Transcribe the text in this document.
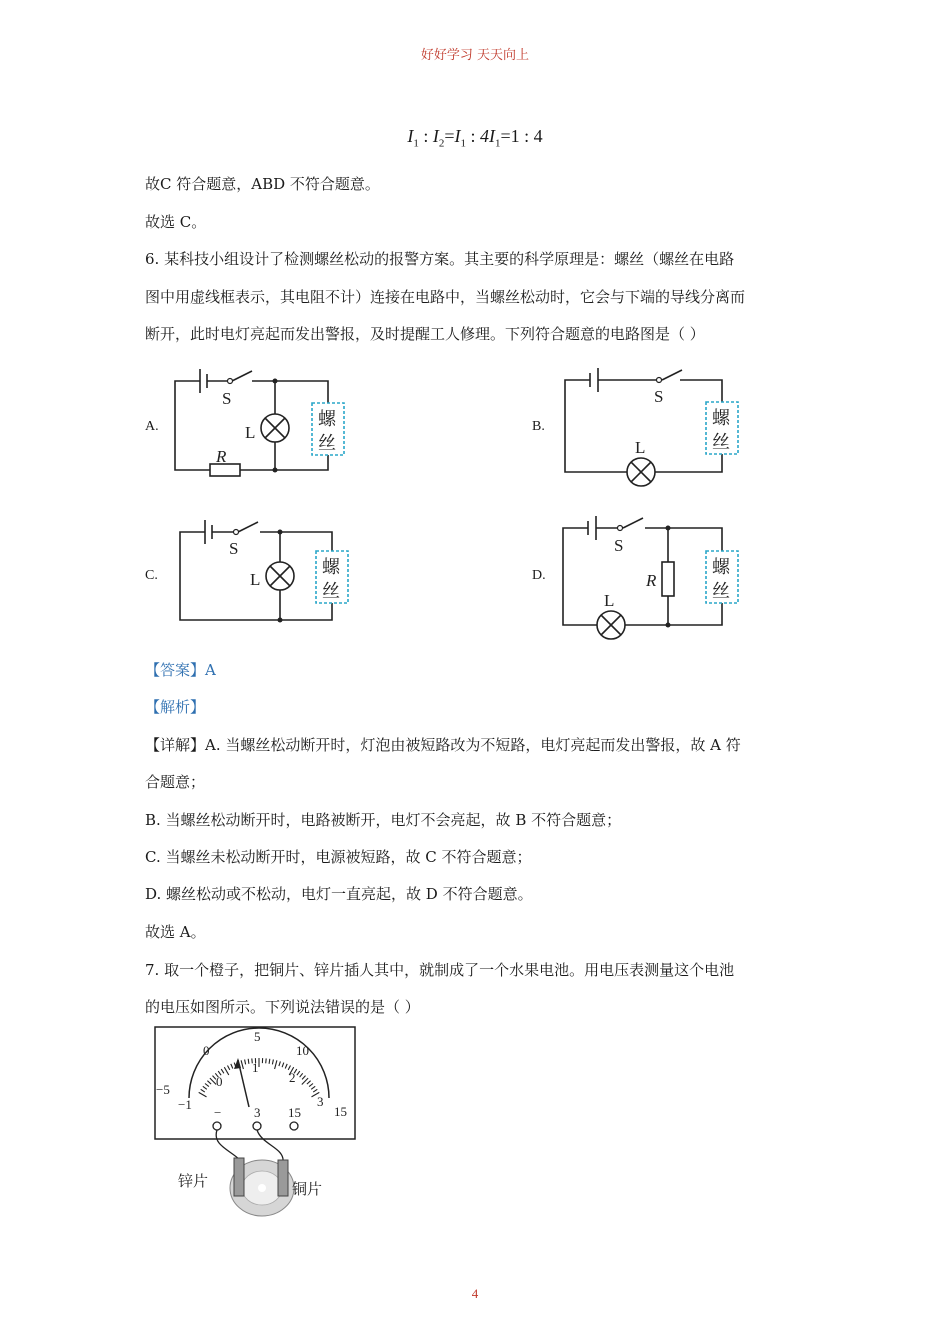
好好学习 天天向上
$I_1$ : $I_2=I_1$ : $4I_1=1$ : 4
故C 符合题意，ABD 不符合题意。
故选 C。
6. 某科技小组设计了检测螺丝松动的报警方案。其主要的科学原理是：螺丝（螺丝在电路
图中用虚线框表示，其电阻不计）连接在电路中，当螺丝松动时，它会与下端的导线分离而
断开，此时电灯亮起而发出警报，及时提醒工人修理。下列符合题意的电路图是（ ）
A.	B.
C.	D.
S
L
R
螺
丝
S
L
螺
丝
S
L
螺
丝
S
R
L
螺
丝
【答案】A
【解析】
【详解】A. 当螺丝松动断开时，灯泡由被短路改为不短路，电灯亮起而发出警报，故 A 符
合题意；
B. 当螺丝松动断开时，电路被断开，电灯不会亮起，故 B 不符合题意；
C. 当螺丝未松动断开时，电源被短路，故 C 不符合题意；
D. 螺丝松动或不松动，电灯一直亮起，故 D 不符合题意。
故选 A。
7. 取一个橙子，把铜片、锌片插人其中，就制成了一个水果电池。用电压表测量这个电池
的电压如图所示。下列说法错误的是（ ）
−5
0
5
10
15
−1
0
1
2
3
−	3 15
锌片	铜片
4
